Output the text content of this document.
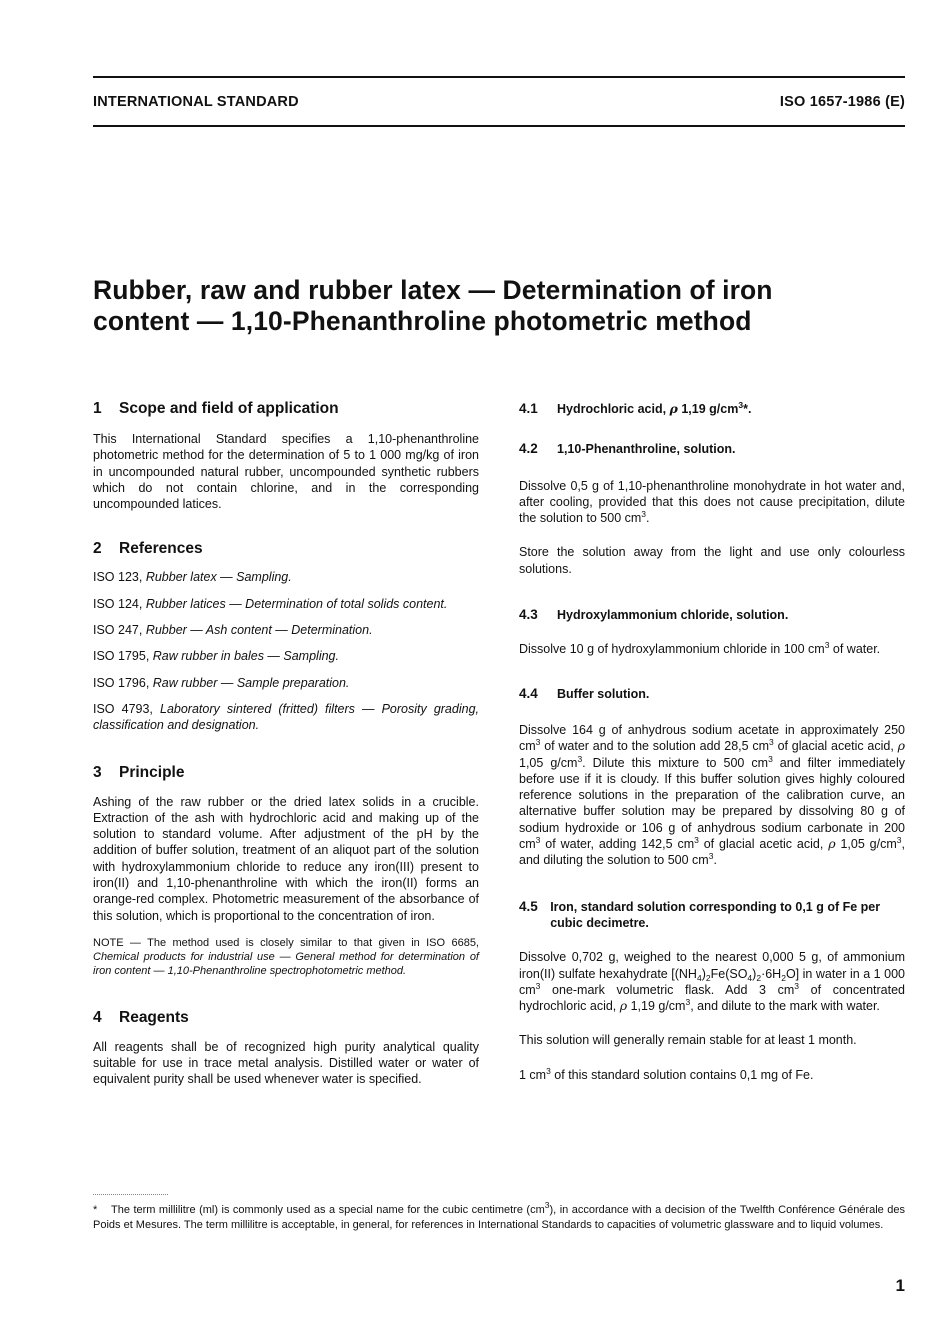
INTERNATIONAL STANDARD	ISO 1657-1986 (E)
Rubber, raw and rubber latex — Determination of iron
content — 1,10-Phenanthroline photometric method
1	Scope and field of application

This International Standard specifies a 1,10-phenanthroline photometric method for the determination of 5 to 1 000 mg/kg of iron in uncompounded natural rubber, uncompounded synthetic rubbers which do not contain chlorine, and in the corresponding uncompounded latices.

2	References

ISO 123, Rubber latex — Sampling.

ISO 124, Rubber latices — Determination of total solids content.

ISO 247, Rubber — Ash content — Determination.

ISO 1795, Raw rubber in bales — Sampling.

ISO 1796, Raw rubber — Sample preparation.

ISO 4793, Laboratory sintered (fritted) filters — Porosity grading, classification and designation.

3	Principle

Ashing of the raw rubber or the dried latex solids in a crucible. Extraction of the ash with hydrochloric acid and making up of the solution to standard volume. After adjustment of the pH by the addition of buffer solution, treatment of an aliquot part of the solution with hydroxylammonium chloride to reduce any iron(III) present to iron(II) and 1,10-phenanthroline with which the iron(II) forms an orange-red complex. Photometric measurement of the absorbance of this solution, which is proportional to the concentration of iron.

NOTE — The method used is closely similar to that given in ISO 6685, Chemical products for industrial use — General method for determination of iron content — 1,10-Phenanthroline spectrophotometric method.

4	Reagents

All reagents shall be of recognized high purity analytical quality suitable for use in trace metal analysis. Distilled water or water of equivalent purity shall be used whenever water is specified.

4.1	Hydrochloric acid, ρ 1,19 $g/cm^3*$.
4.2	1,10-Phenanthroline, solution.

Dissolve 0,5 g of 1,10-phenanthroline monohydrate in hot water and, after cooling, provided that this does not cause precipitation, dilute the solution to 500 $cm^3$.

Store the solution away from the light and use only colourless solutions.

4.3	Hydroxylammonium chloride, solution.

Dissolve 10 g of hydroxylammonium chloride in 100 $cm^3$ of water.

4.4	Buffer solution.

Dissolve 164 g of anhydrous sodium acetate in approximately 250 $cm^3$ of water and to the solution add 28,5 $cm^3$ of glacial acetic acid, ρ 1,05 $g/cm^3$. Dilute this mixture to 500 $cm^3$ and filter immediately before use if it is cloudy. If this buffer solution gives highly coloured reference solutions in the preparation of the calibration curve, an alternative buffer solution may be prepared by dissolving 80 g of sodium hydroxide or 106 g of anhydrous sodium carbonate in 200 $cm^3$ of water, adding 142,5 $cm^3$ of glacial acetic acid, ρ 1,05 $g/cm^3$, and diluting the solution to 500 $cm^3$.

4.5 Iron, standard solution corresponding to 0,1 g of Fe per cubic decimetre.

Dissolve 0,702 g, weighed to the nearest 0,000 5 g, of ammonium iron(II) sulfate hexahydrate $[(NH_4)_2Fe(SO_4)_2\cdot 6H_2O]$ in water in a 1 000 $cm^3$ one-mark volumetric flask. Add 3 $cm^3$ of concentrated hydrochloric acid, ρ 1,19 $g/cm^3$, and dilute to the mark with water.

This solution will generally remain stable for at least 1 month.

1 $cm^3$ of this standard solution contains 0,1 mg of Fe.

* The term millilitre (ml) is commonly used as a special name for the cubic centimetre $(cm^3)$, in accordance with a decision of the Twelfth Conférence Générale des Poids et Mesures. The term millilitre is acceptable, in general, for references in International Standards to capacities of volumetric glassware and to liquid volumes.

1
